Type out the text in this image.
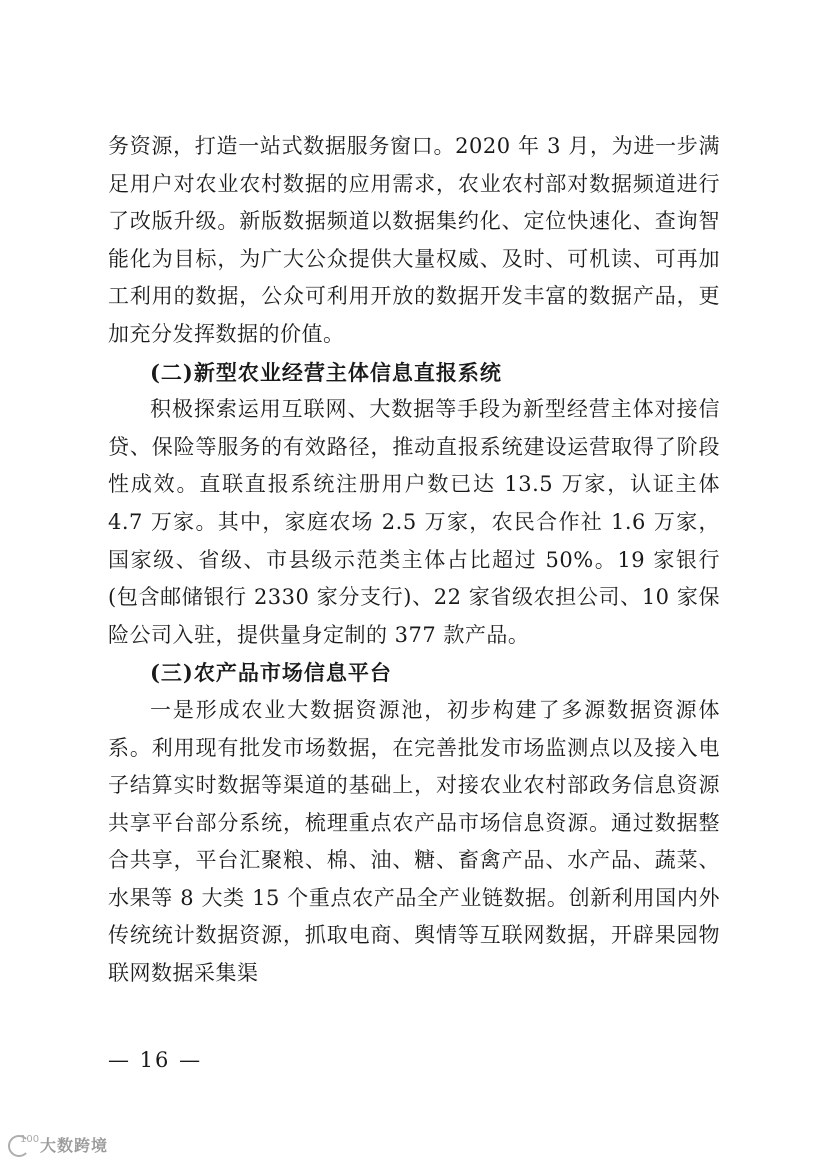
务资源，打造一站式数据服务窗口。2020 年 3 月，为进一步满足用户对农业农村数据的应用需求，农业农村部对数据频道进行了改版升级。新版数据频道以数据集约化、定位快速化、查询智能化为目标，为广大公众提供大量权威、及时、可机读、可再加工利用的数据，公众可利用开放的数据开发丰富的数据产品，更加充分发挥数据的价值。

(二)新型农业经营主体信息直报系统

积极探索运用互联网、大数据等手段为新型经营主体对接信贷、保险等服务的有效路径，推动直报系统建设运营取得了阶段性成效。直联直报系统注册用户数已达 13.5 万家，认证主体 4.7 万家。其中，家庭农场 2.5 万家，农民合作社 1.6 万家，国家级、省级、市县级示范类主体占比超过 50%。19 家银行(包含邮储银行 2330 家分支行)、22 家省级农担公司、10 家保险公司入驻，提供量身定制的 377 款产品。

(三)农产品市场信息平台

一是形成农业大数据资源池，初步构建了多源数据资源体系。利用现有批发市场数据，在完善批发市场监测点以及接入电子结算实时数据等渠道的基础上，对接农业农村部政务信息资源共享平台部分系统，梳理重点农产品市场信息资源。通过数据整合共享，平台汇聚粮、棉、油、糖、畜禽产品、水产品、蔬菜、水果等 8 大类 15 个重点农产品全产业链数据。创新利用国内外传统统计数据资源，抓取电商、舆情等互联网数据，开辟果园物联网数据采集渠

— 16 —
100 大数跨境
